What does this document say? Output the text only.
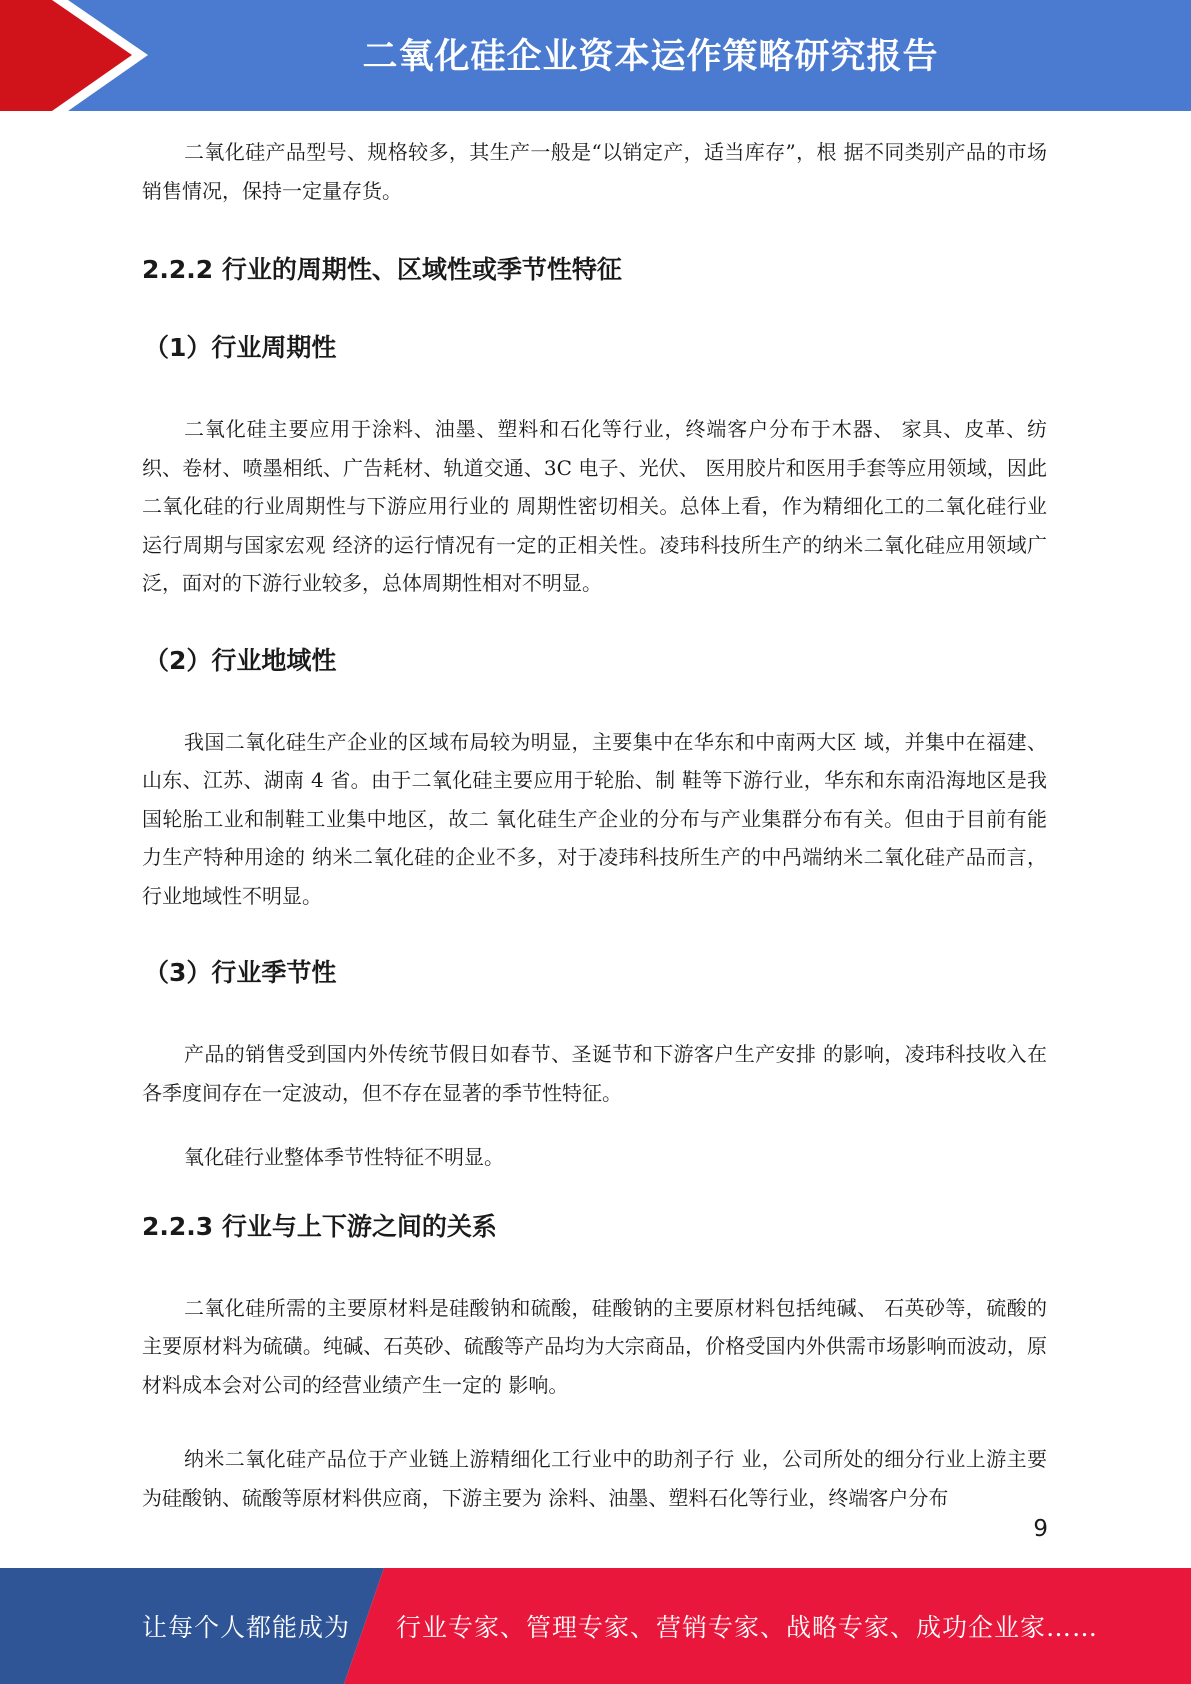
二氧化硅企业资本运作策略研究报告

二氧化硅产品型号、规格较多，其生产一般是“以销定产，适当库存”，根 据不同类别产品的市场销售情况，保持一定量存货。

2.2.2 行业的周期性、区域性或季节性特征
（1）行业周期性

二氧化硅主要应用于涂料、油墨、塑料和石化等行业，终端客户分布于木器、 家具、皮革、纺织、卷材、喷墨相纸、广告耗材、轨道交通、3C 电子、光伏、 医用胶片和医用手套等应用领域，因此二氧化硅的行业周期性与下游应用行业的 周期性密切相关。总体上看，作为精细化工的二氧化硅行业运行周期与国家宏观 经济的运行情况有一定的正相关性。凌玮科技所生产的纳米二氧化硅应用领域广泛，面对的下游行业较多，总体周期性相对不明显。

（2）行业地域性

我国二氧化硅生产企业的区域布局较为明显，主要集中在华东和中南两大区 域，并集中在福建、山东、江苏、湖南 4 省。由于二氧化硅主要应用于轮胎、制 鞋等下游行业，华东和东南沿海地区是我国轮胎工业和制鞋工业集中地区，故二 氧化硅生产企业的分布与产业集群分布有关。但由于目前有能力生产特种用途的 纳米二氧化硅的企业不多，对于凌玮科技所生产的中冎端纳米二氧化硅产品而言， 行业地域性不明显。

（3）行业季节性

产品的销售受到国内外传统节假日如春节、圣诞节和下游客户生产安排 的影响，凌玮科技收入在各季度间存在一定波动，但不存在显著的季节性特征。

氧化硅行业整体季节性特征不明显。

2.2.3 行业与上下游之间的关系

二氧化硅所需的主要原材料是硅酸钠和硫酸，硅酸钠的主要原材料包括纯碱、 石英砂等，硫酸的主要原材料为硫磺。纯碱、石英砂、硫酸等产品均为大宗商品，价格受国内外供需市场影响而波动，原材料成本会对公司的经营业绩产生一定的 影响。

纳米二氧化硅产品位于产业链上游精细化工行业中的助剂子行 业，公司所处的细分行业上游主要为硅酸钠、硫酸等原材料供应商，下游主要为 涂料、油墨、塑料石化等行业，终端客户分布

9
让每个人都能成为 行业专家、管理专家、营销专家、战略专家、成功企业家……
